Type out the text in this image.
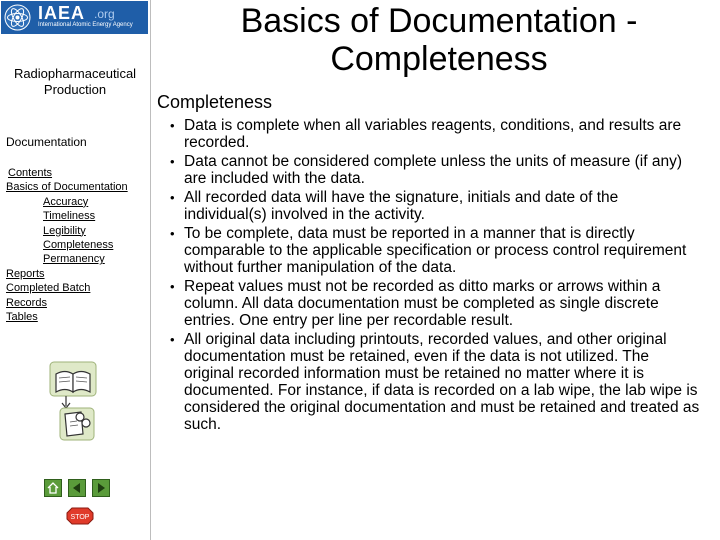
IAEA .org
International Atomic Energy Agency
Radiopharmaceutical
Production
Documentation
Contents
Basics of Documentation
Accuracy
Timeliness
Legibility
Completeness
Permanency
Reports
Completed Batch
Records
Tables
STOP
Basics of Documentation -
Completeness
Completeness
• Data is complete when all variables reagents, conditions, and results are recorded.
• Data cannot be considered complete unless the units of measure (if any) are included with the data.
• All recorded data will have the signature, initials and date of the individual(s) involved in the activity.
• To be complete, data must be reported in a manner that is directly comparable to the applicable specification or process control requirement without further manipulation of the data.
• Repeat values must not be recorded as ditto marks or arrows within a column. All data documentation must be completed as single discrete entries. One entry per line per recordable result.
• All original data including printouts, recorded values, and other original documentation must be retained, even if the data is not utilized. The original recorded information must be retained no matter where it is documented. For instance, if data is recorded on a lab wipe, the lab wipe is considered the original documentation and must be retained and treated as such.
